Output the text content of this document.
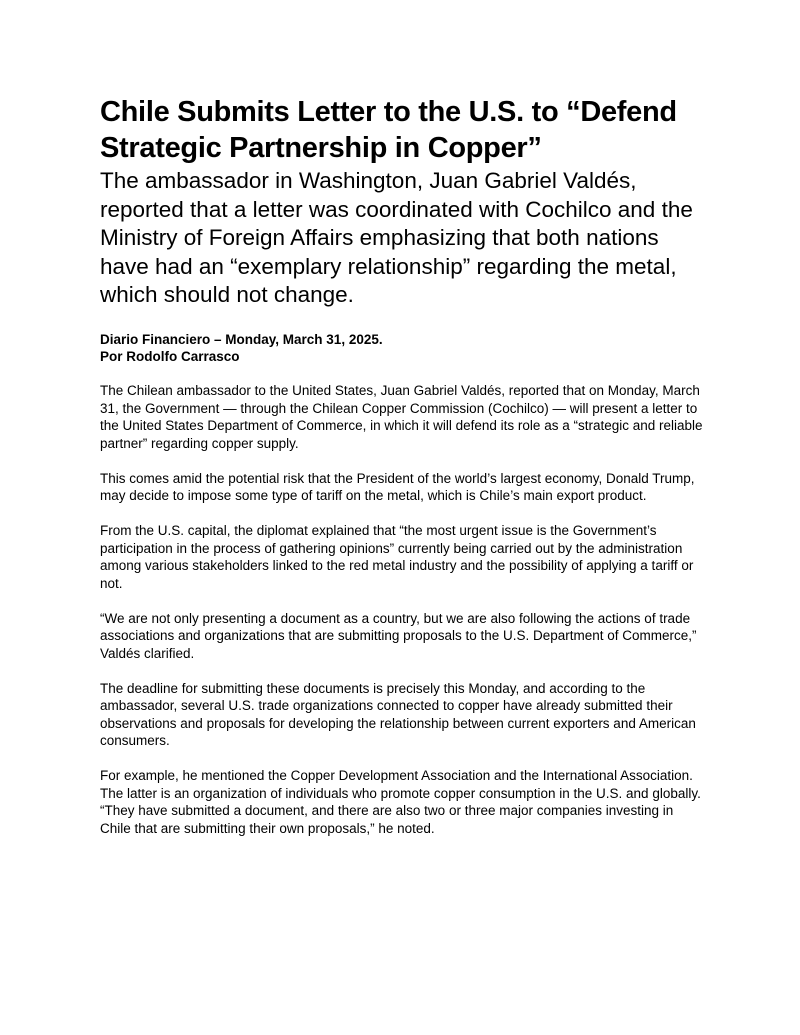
Chile Submits Letter to the U.S. to “Defend Strategic Partnership in Copper”

The ambassador in Washington, Juan Gabriel Valdés, reported that a letter was coordinated with Cochilco and the Ministry of Foreign Affairs emphasizing that both nations have had an “exemplary relationship” regarding the metal, which should not change.

Diario Financiero – Monday, March 31, 2025.
Por Rodolfo Carrasco

The Chilean ambassador to the United States, Juan Gabriel Valdés, reported that on Monday, March 31, the Government — through the Chilean Copper Commission (Cochilco) — will present a letter to the United States Department of Commerce, in which it will defend its role as a “strategic and reliable partner” regarding copper supply.

This comes amid the potential risk that the President of the world’s largest economy, Donald Trump, may decide to impose some type of tariff on the metal, which is Chile’s main export product.

From the U.S. capital, the diplomat explained that “the most urgent issue is the Government’s participation in the process of gathering opinions” currently being carried out by the administration among various stakeholders linked to the red metal industry and the possibility of applying a tariff or not.

“We are not only presenting a document as a country, but we are also following the actions of trade associations and organizations that are submitting proposals to the U.S. Department of Commerce,” Valdés clarified.

The deadline for submitting these documents is precisely this Monday, and according to the ambassador, several U.S. trade organizations connected to copper have already submitted their observations and proposals for developing the relationship between current exporters and American consumers.

For example, he mentioned the Copper Development Association and the International Association.

The latter is an organization of individuals who promote copper consumption in the U.S. and globally. “They have submitted a document, and there are also two or three major companies investing in Chile that are submitting their own proposals,” he noted.
